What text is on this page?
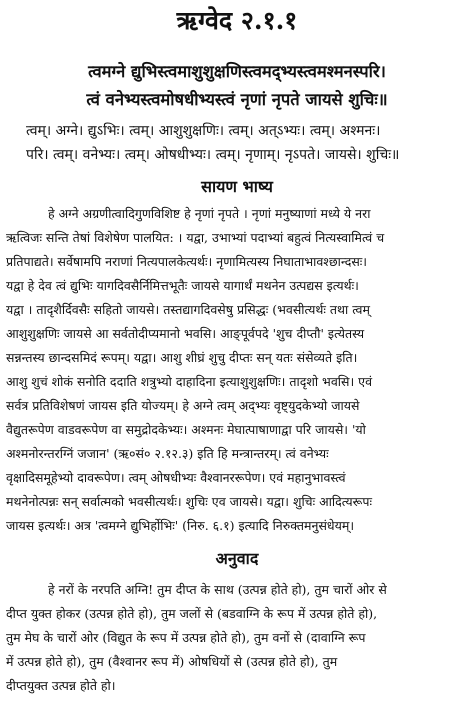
ऋग्वेद २.१.१
त्वमग्ने द्युभिस्त्वमाशुशुक्षणिस्त्वमद्भ्यस्त्वमश्मनस्परि।
त्वं वनेभ्यस्त्वमोषधीभ्यस्त्वं नृणां नृपते जायसे शुचिः॥
त्वम्। अग्ने। द्युऽभिः। त्वम्। आशुशुक्षणिः। त्वम्। अत्ऽभ्यः। त्वम्। अश्मनः।
परि। त्वम्। वनेभ्यः। त्वम्। ओषधीभ्यः। त्वम्। नृणाम्। नृऽपते। जायसे। शुचिः॥
सायण भाष्य
हे अग्ने अग्रणीत्वादिगुणविशिष्ट हे नृणां नृपते । नृणां मनुष्याणां मध्ये ये नरा
ऋत्विजः सन्ति तेषां विशेषेण पालयित: । यद्वा, उभाभ्यां पदाभ्यां बहुत्वं नित्यस्वामित्वं च
प्रतिपाद्यते। सर्वेषामपि नराणां नित्यपालकेत्यर्थः। नृणामित्यस्य निघाताभावश्छान्दसः।
यद्वा हे देव त्वं द्युभिः यागदिवसैर्निमित्तभूतैः जायसे यागार्थं मथनेन उत्पद्यस इत्यर्थः।
यद्वा । तादृशैर्दिवसैः सहितो जायसे। तस्तद्यागदिवसेषु प्रसिद्धः (भवसीत्यर्थः तथा त्वम्
आशुशुक्षणिः जायसे आ सर्वतोदीप्यमानो भवसि। आङ्पूर्वपदे 'शुच दीप्तौ' इत्येतस्य
सन्नन्तस्य छान्दसमिदं रूपम्। यद्वा। आशु शीघ्रं शुचु दीप्तः सन् यतः संसेव्यते इति।
आशु शुचं शोकं सनोति ददाति शत्रुभ्यो दाहादिना इत्याशुशुक्षणिः। तादृशो भवसि। एवं
सर्वत्र प्रतिविशेषणं जायस इति योज्यम्। हे अग्ने त्वम् अद्भ्यः वृष्ट्युदकेभ्यो जायसे
वैद्युतरूपेण वाडवरूपेण वा समुद्रोदकेभ्यः। अश्मनः मेघात्पाषाणाद्वा परि जायसे। 'यो
अश्मनोरन्तरग्निं जजान' (ऋ०सं० २.१२.३) इति हि मन्त्रान्तरम्। त्वं वनेभ्यः
वृक्षादिसमूहेभ्यो दावरूपेण। त्वम् ओषधीभ्यः वैश्वानररूपेण। एवं महानुभावस्त्वं
मथनेनोत्पन्नः सन् सर्वात्मको भवसीत्यर्थः। शुचिः एव जायसे। यद्वा। शुचिः आदित्यरूपः
जायस इत्यर्थः। अत्र 'त्वमग्ने द्युभिर्होभिः' (निरु. ६.१) इत्यादि निरुक्तमनुसंधेयम्।
अनुवाद
हे नरों के नरपति अग्नि! तुम दीप्त के साथ (उत्पन्न होते हो), तुम चारों ओर से
दीप्त युक्त होकर (उत्पन्न होते हो), तुम जलों से (बडवाग्नि के रूप में उत्पन्न होते हो),
तुम मेघ के चारों ओर (विद्युत के रूप में उत्पन्न होते हो), तुम वनों से (दावाग्नि रूप
में उत्पन्न होते हो), तुम (वैश्वानर रूप में) ओषधियों से (उत्पन्न होते हो), तुम
दीप्तयुक्त उत्पन्न होते हो।
